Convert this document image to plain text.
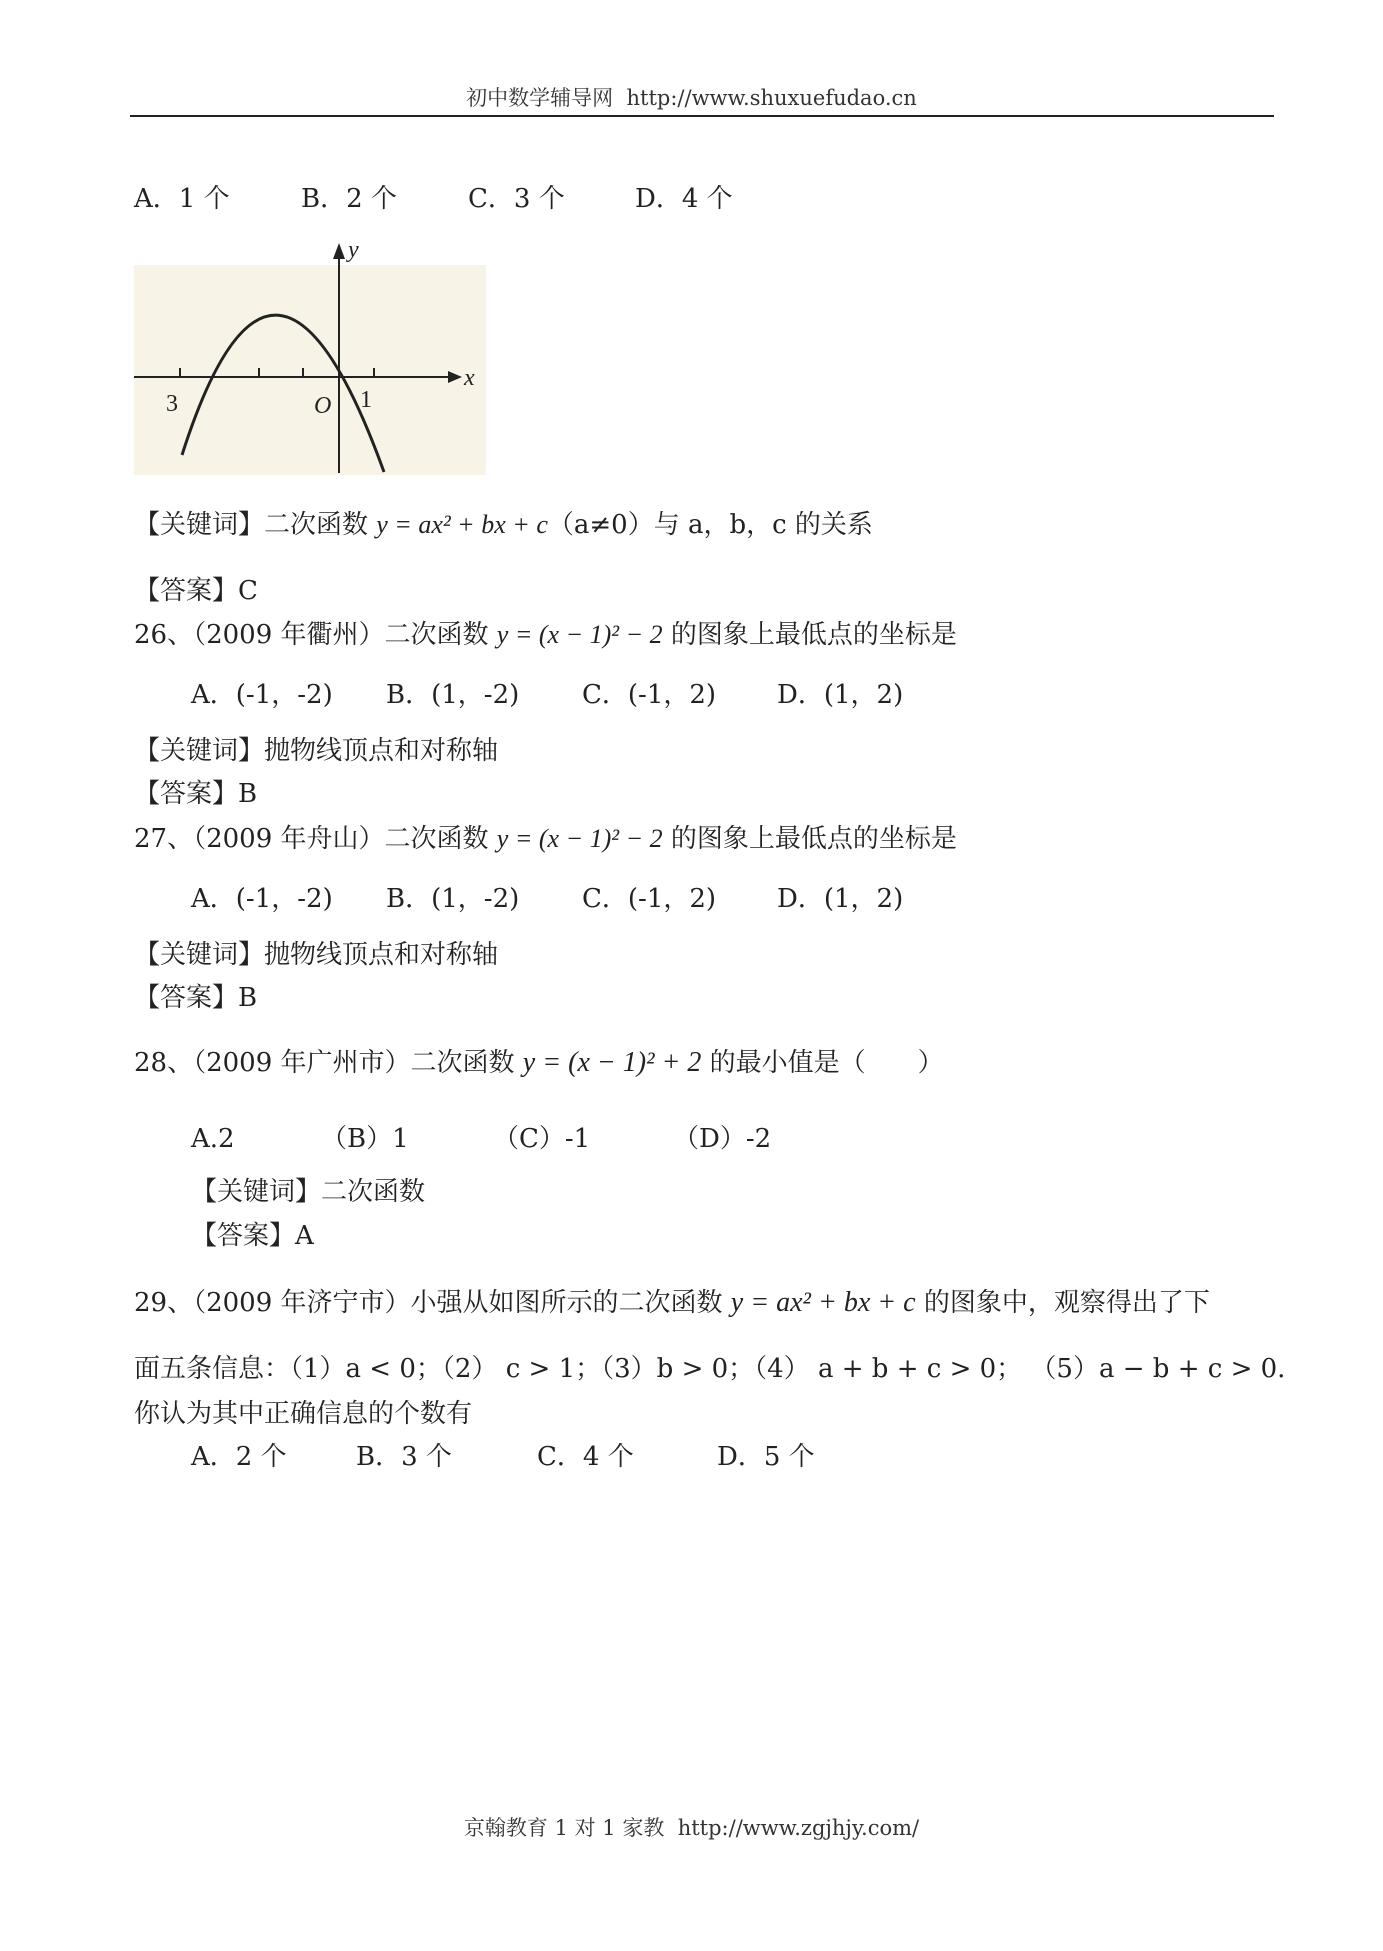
初中数学辅导网 http://www.shuxuefudao.cn
A．1 个	B．2 个	C．3 个	D．4 个
y
x
3	O 1
【关键词】二次函数 y = ax² + bx + c（a≠0）与 a，b，c 的关系
【答案】C
26、（2009 年衢州）二次函数 y = (x − 1)² − 2 的图象上最低点的坐标是
A．(-1，-2) B．(1，-2) C．(-1，2) D．(1，2)
【关键词】抛物线顶点和对称轴
【答案】B
27、（2009 年舟山）二次函数 y = (x − 1)² − 2 的图象上最低点的坐标是
A．(-1，-2) B．(1，-2) C．(-1，2) D．(1，2)
【关键词】抛物线顶点和对称轴
【答案】B
28、（2009 年广州市）二次函数 y = (x − 1)² + 2 的最小值是（　　）
A.2	（B）1	（C）-1	（D）-2
【关键词】二次函数
【答案】A
29、（2009 年济宁市）小强从如图所示的二次函数 y = ax² + bx + c 的图象中，观察得出了下
面五条信息：（1）a < 0；（2） c > 1；（3）b > 0；（4） a + b + c > 0； （5）a − b + c > 0.
你认为其中正确信息的个数有
A．2 个	B．3 个	C．4 个	D．5 个
京翰教育 1 对 1 家教 http://www.zgjhjy.com/
